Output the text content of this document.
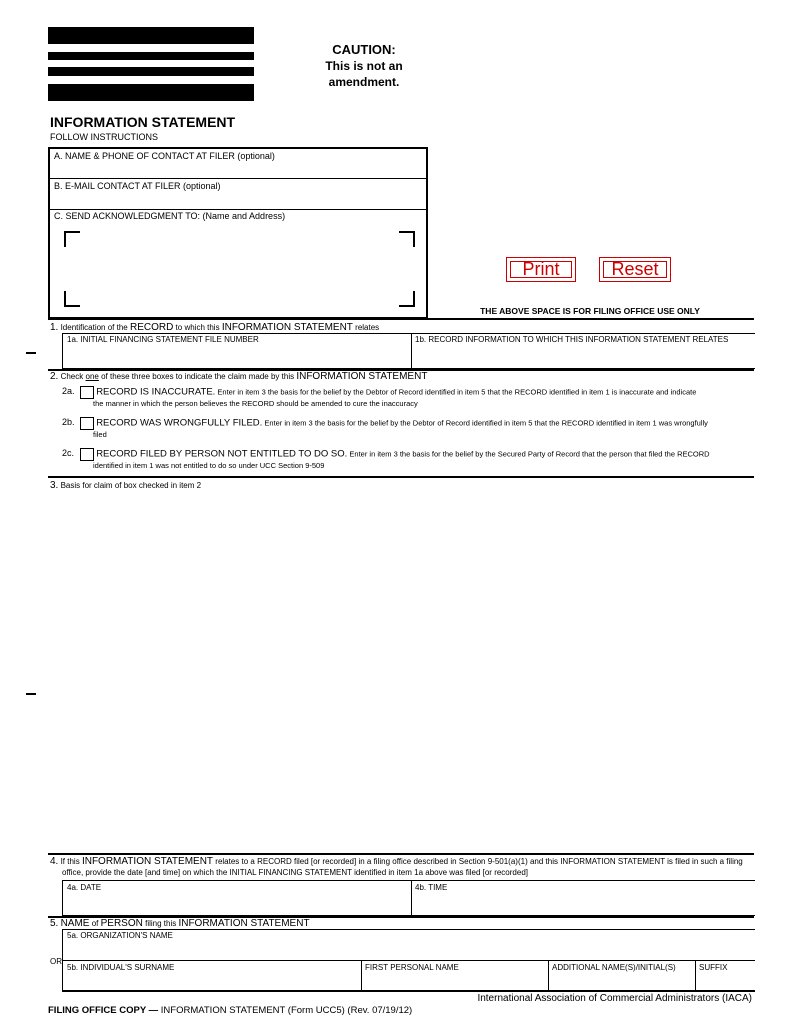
CAUTION:
This is not an
amendment.
INFORMATION STATEMENT
FOLLOW INSTRUCTIONS
A. NAME & PHONE OF CONTACT AT FILER (optional)
B. E-MAIL CONTACT AT FILER (optional)
C. SEND ACKNOWLEDGMENT TO: (Name and Address)
Print	Reset
THE ABOVE SPACE IS FOR FILING OFFICE USE ONLY
1. Identification of the RECORD to which this INFORMATION STATEMENT relates
1a. INITIAL FINANCING STATEMENT FILE NUMBER	1b. RECORD INFORMATION TO WHICH THIS INFORMATION STATEMENT RELATES
2. Check one of these three boxes to indicate the claim made by this INFORMATION STATEMENT
2a. RECORD IS INACCURATE. Enter in item 3 the basis for the belief by the Debtor of Record identified in item 5 that the RECORD identified in item 1 is inaccurate and indicate
the manner in which the person believes the RECORD should be amended to cure the inaccuracy
2b. RECORD WAS WRONGFULLY FILED. Enter in item 3 the basis for the belief by the Debtor of Record identified in item 5 that the RECORD identified in item 1 was wrongfully
filed
2c. RECORD FILED BY PERSON NOT ENTITLED TO DO SO. Enter in item 3 the basis for the belief by the Secured Party of Record that the person that filed the RECORD
identified in item 1 was not entitled to do so under UCC Section 9-509
3. Basis for claim of box checked in item 2
4. If this INFORMATION STATEMENT relates to a RECORD filed [or recorded] in a filing office described in Section 9-501(a)(1) and this INFORMATION STATEMENT is filed in such a filing
office, provide the date [and time] on which the INITIAL FINANCING STATEMENT identified in item 1a above was filed [or recorded]
4a. DATE	4b. TIME
5. NAME of PERSON filing this INFORMATION STATEMENT
5a. ORGANIZATION'S NAME
5b. INDIVIDUAL'S SURNAME	FIRST PERSONAL NAME	ADDITIONAL NAME(S)/INITIAL(S)	SUFFIX
OR
FILING OFFICE COPY — INFORMATION STATEMENT (Form UCC5) (Rev. 07/19/12)
International Association of Commercial Administrators (IACA)
